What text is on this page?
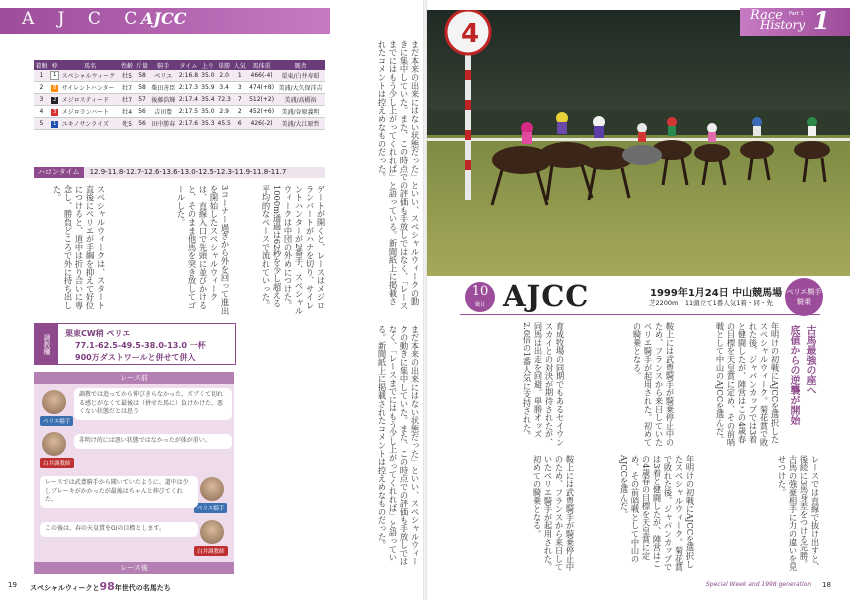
A J C C
AJCC
着順	枠	馬名	性齢	斤量	騎手	タイム	上り	単勝	人気	馬体重	厩舎
1	1	スペシャルウィーク	牡5	58	ペリエ	2:16.8	35.0	2.0	1	466(-4)	栗東/白井寿昭
2	8	サイレントハンター	牡7	58	柴田善臣	2:17.3	35.9	3.4	3	474(+8)	美浦/大久保洋吉
3	2	メジロスティード	牡7	57	後藤浩輝	2:17.4	35.4	72.3	7	512(+2)	美浦/高橋裕
4	3	メジロランバート	牡4	56	吉田豊	2:17.5	35.0	2.9	2	452(+6)	美浦/谷原義明
5	1	ユキノサンライズ	牝5	56	田中勝春	2:17.6	35.3	45.5	6	426(-2)	美浦/大江原哲
ハロンタイム 12.9-11.8-12.7-12.6-13.6-13.0-12.5-12.3-11.9-11.8-11.7	まだ本来の出来にはない状態だった」といい、スペシャルウィークの動きに集中していた。また、この時点での評価も手放しではなく、「レースまでにはもう少し上がってくれれば」と語っている。新聞紙上に掲載されたコメントは控えめなものだった。
ゲートが開くと、レースはメジロランバートがハナを切り、サイレントハンターが2番手、スペシャルウィークは中団の外めにつけた。1000m通過は62秒を少し超える平均的なペースで流れていった。
3コーナー過ぎから外を回って進出を開始したスペシャルウィークは、直線入口で先頭に並びかけると、そのまま他馬を突き放してゴールした。
スペシャルウィークは、スタート直後にペリエが手綱を抑えて好位につけると、道中は折り合いに専念し、勝負どころで外に持ち出した。
まだ本来の出来にはない状態だった」といい、スペシャルウィークの動きに集中していた。また、この時点での評価も手放しではなく、「レースまでにはもう少し上がってくれれば」と語っている。新聞紙上に掲載されたコメントは控えめなものだった。
調教欄	栗東CW稍 ペリエ
77.1-62.5-49.5-38.0-13.0 一杯
900万ダストワールと併せて併入
レース前
ペリエ騎手
調教では追ってから伸びきらなかった。ズブくて切れる感じがなくて最後は（併せた馬に）負けかけた。悪くない状態だとは思う
白井調教師
휴明け的には悪い状態ではなかったが体が重い。
ペリエ騎手
レースでは武豊騎手から聞いていたように、道中は少しブレーキがかかったが最後はちゃんと伸びてくれた。
白井調教師
この後は、春の天皇賞をGⅠの目標とします。
レース後
19 スペシャルウィークと98年世代の名馬たち
4
Race
History
Part 1 1
10
戦目 AJCC	1999年1月24日 中山競馬場
芝2200m　11頭立て1番人気1着・同・先
ペリエ騎手
騎乗
古馬最強の座へ
底値からの逆襲が開始
年明けの初戦にAJCCを選択したスペシャルウィーク。菊花賞で敗れた後、ジャパンカップでは3着と健闘したが、陣営はこの4歳春の目標を天皇賞に定め、その前哨戦として中山のAJCCを選んだ。
鞍上には武豊騎手が騎乗停止中のため、フランスから来日していたペリエ騎手が起用された。初めての騎乗となる。
育成牧場の同期でもあるセイウンスカイとの対決が期待されたが、同馬は出走を回避。単勝オッズ2.0倍の1番人気に支持された。
レースでは直線で抜け出すと、後続に3馬身差をつける完勝。古馬の強豪相手に力の違いを見せつけた。
年明けの初戦にAJCCを選択したスペシャルウィーク。菊花賞で敗れた後、ジャパンカップでは3着と健闘したが、陣営はこの4歳春の目標を天皇賞に定め、その前哨戦として中山のAJCCを選んだ。
鞍上には武豊騎手が騎乗停止中のため、フランスから来日していたペリエ騎手が起用された。初めての騎乗となる。
Special Week and 1998 generation 18
